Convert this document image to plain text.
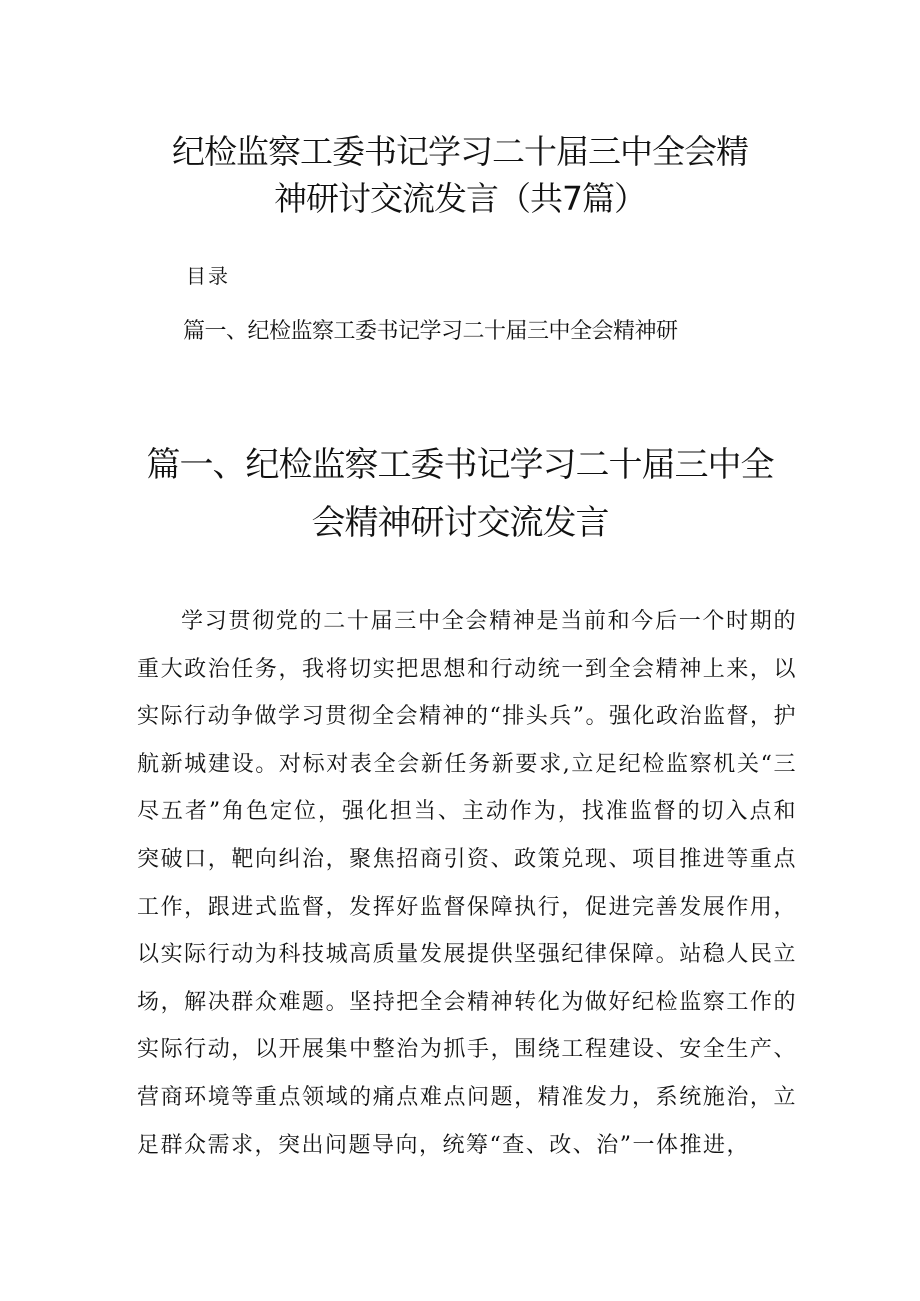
纪检监察工委书记学习二十届三中全会精
神研讨交流发言（共7篇）

目录

篇一、纪检监察工委书记学习二十届三中全会精神研

篇一、纪检监察工委书记学习二十届三中全
会精神研讨交流发言

学习贯彻党的二十届三中全会精神是当前和今后一个时期的重大政治任务，我将切实把思想和行动统一到全会精神上来，以实际行动争做学习贯彻全会精神的“排头兵”。强化政治监督，护航新城建设。对标对表全会新任务新要求,立足纪检监察机关“三尽五者”角色定位，强化担当、主动作为，找准监督的切入点和突破口，靶向纠治，聚焦招商引资、政策兑现、项目推进等重点工作，跟进式监督，发挥好监督保障执行，促进完善发展作用，以实际行动为科技城高质量发展提供坚强纪律保障。站稳人民立场，解决群众难题。坚持把全会精神转化为做好纪检监察工作的实际行动，以开展集中整治为抓手，围绕工程建设、安全生产、营商环境等重点领域的痛点难点问题，精准发力，系统施治，立足群众需求，突出问题导向，统筹“查、改、治”一体推进，
